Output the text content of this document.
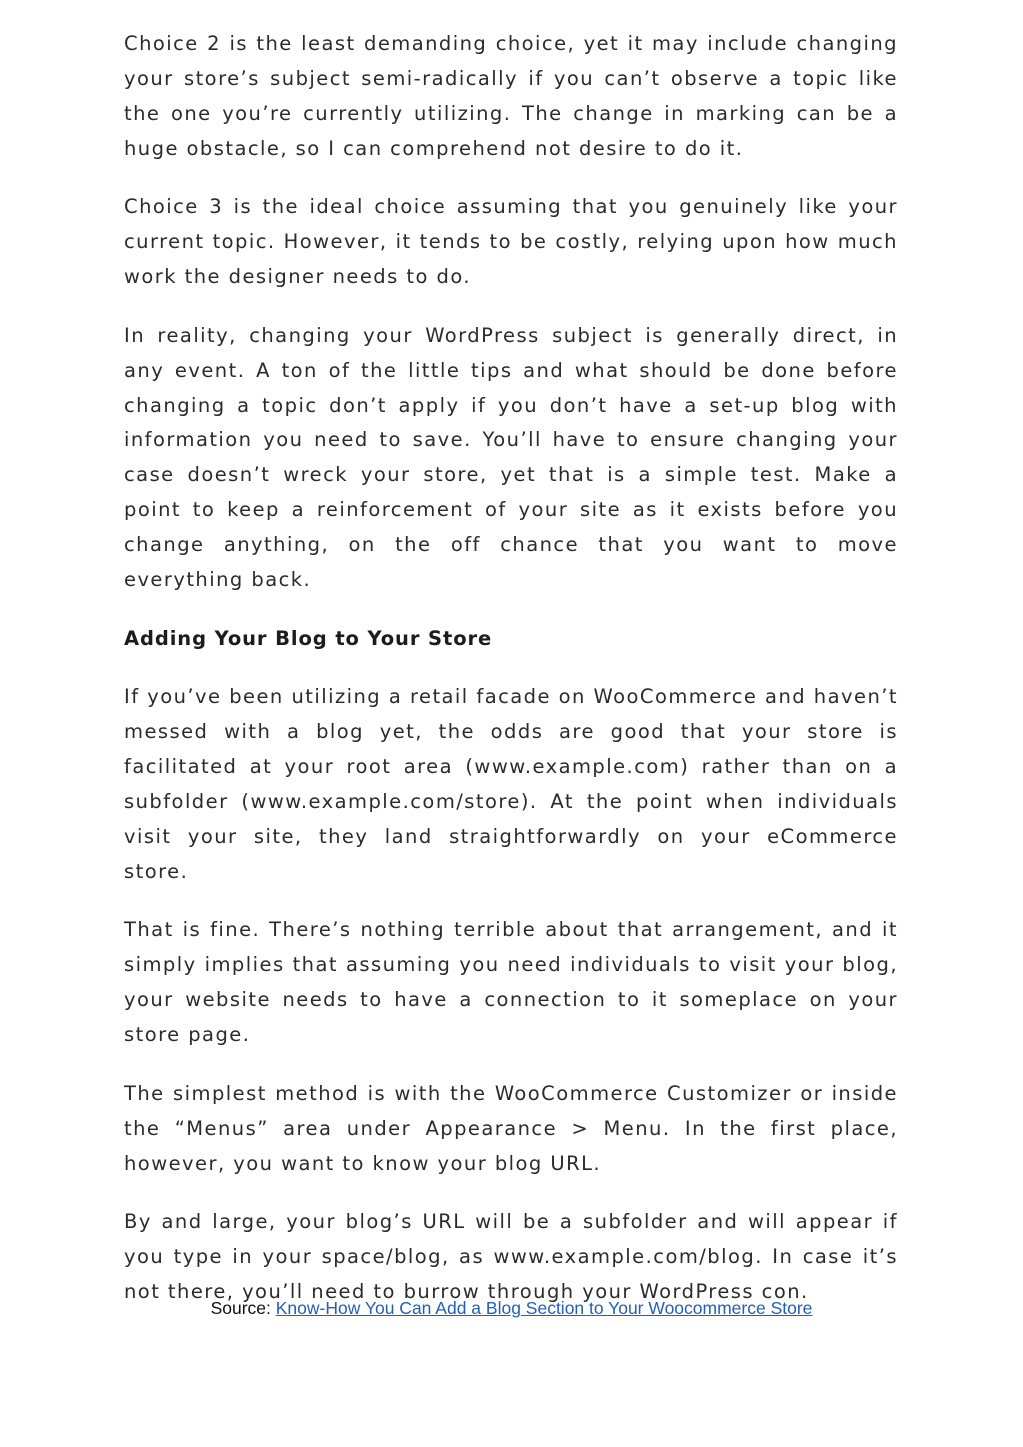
Choice 2 is the least demanding choice, yet it may include changing your store’s subject semi-radically if you can’t observe a topic like the one you’re currently utilizing. The change in marking can be a huge obstacle, so I can comprehend not desire to do it.

Choice 3 is the ideal choice assuming that you genuinely like your current topic. However, it tends to be costly, relying upon how much work the designer needs to do.

In reality, changing your WordPress subject is generally direct, in any event. A ton of the little tips and what should be done before changing a topic don’t apply if you don’t have a set-up blog with information you need to save. You’ll have to ensure changing your case doesn’t wreck your store, yet that is a simple test. Make a point to keep a reinforcement of your site as it exists before you change anything, on the off chance that you want to move everything back.

Adding Your Blog to Your Store

If you’ve been utilizing a retail facade on WooCommerce and haven’t messed with a blog yet, the odds are good that your store is facilitated at your root area (www.example.com) rather than on a subfolder (www.example.com/store). At the point when individuals visit your site, they land straightforwardly on your eCommerce store.

That is fine. There’s nothing terrible about that arrangement, and it simply implies that assuming you need individuals to visit your blog, your website needs to have a connection to it someplace on your store page.

The simplest method is with the WooCommerce Customizer or inside the “Menus” area under Appearance > Menu. In the first place, however, you want to know your blog URL.

By and large, your blog’s URL will be a subfolder and will appear if you type in your space/blog, as www.example.com/blog. In case it’s not there, you’ll need to burrow through your WordPress con.

Source: Know-How You Can Add a Blog Section to Your Woocommerce Store
